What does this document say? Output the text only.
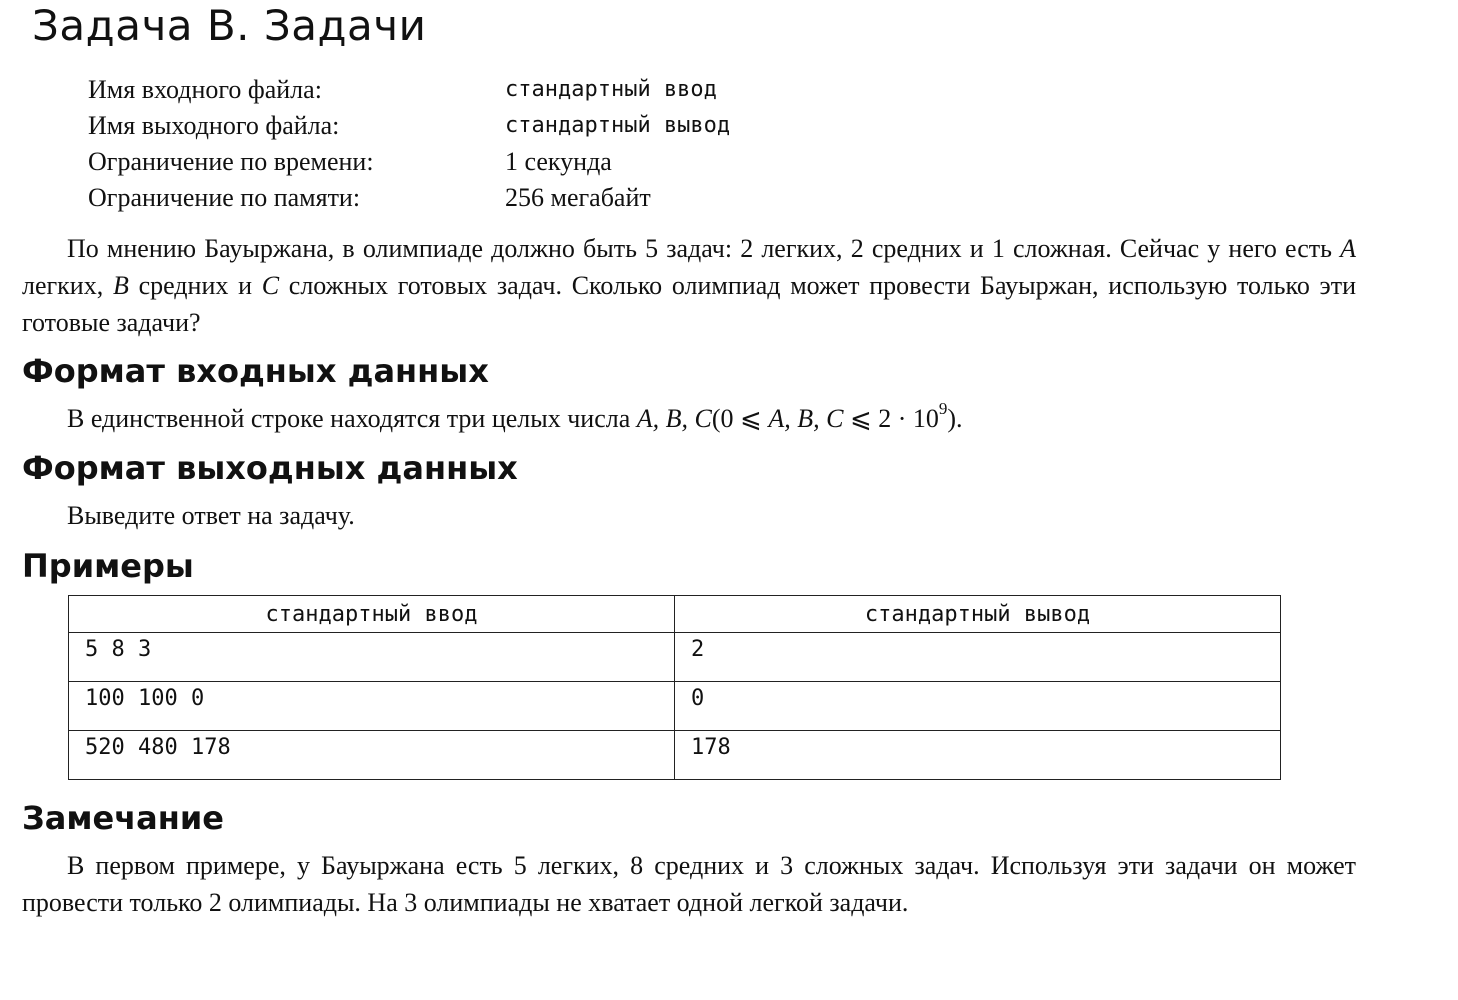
Задача B. Задачи
Имя входного файла:	стандартный ввод
Имя выходного файла:	стандартный вывод
Ограничение по времени:	1 секунда
Ограничение по памяти:	256 мегабайт

По мнению Бауыржана, в олимпиаде должно быть 5 задач: 2 легких, 2 средних и 1 сложная. Сейчас у него есть A легких, B средних и C сложных готовых задач. Сколько олимпиад может провести Бауыржан, использую только эти готовые задачи?

Формат входных данных

В единственной строке находятся три целых числа A, B, C(0 ⩽ A, B, C ⩽ $2 \cdot 10^9$).

Формат выходных данных

Выведите ответ на задачу.

Примеры
стандартный ввод	стандартный вывод
5 8 3	2
100 100 0	0
520 480 178	178
Замечание

В первом примере, у Бауыржана есть 5 легких, 8 средних и 3 сложных задач. Используя эти задачи он может провести только 2 олимпиады. На 3 олимпиады не хватает одной легкой задачи.
